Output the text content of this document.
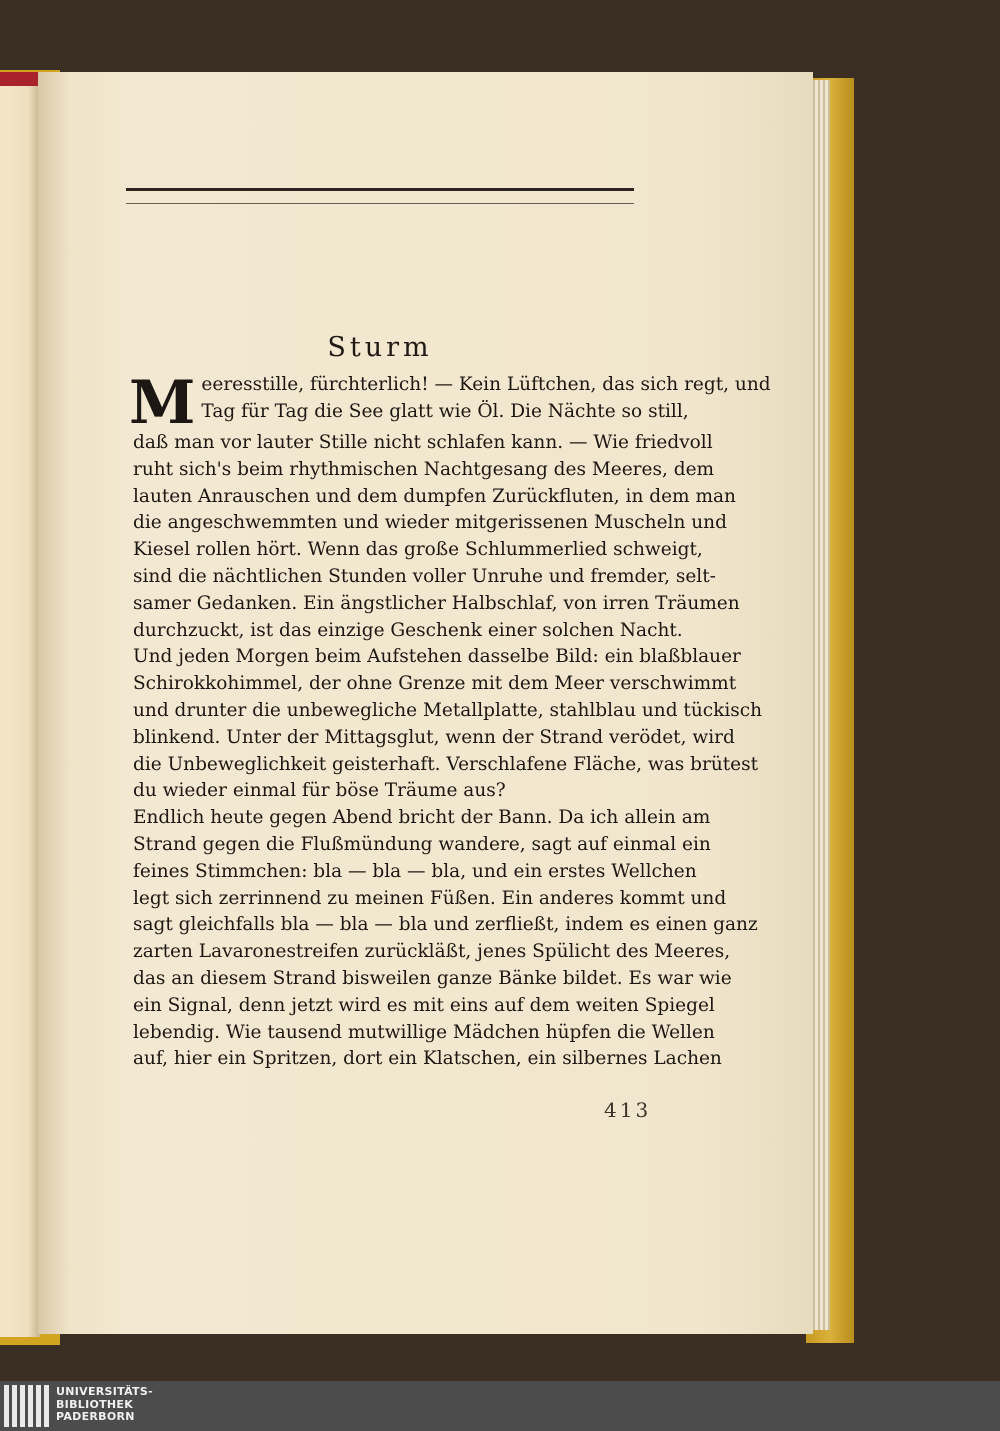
Sturm
M eeresstille, fürchterlich! — Kein Lüftchen, das sich regt, und
Tag für Tag die See glatt wie Öl. Die Nächte so still,
daß man vor lauter Stille nicht schlafen kann. — Wie friedvoll
ruht sich's beim rhythmischen Nachtgesang des Meeres, dem
lauten Anrauschen und dem dumpfen Zurückfluten, in dem man
die angeschwemmten und wieder mitgerissenen Muscheln und
Kiesel rollen hört. Wenn das große Schlummerlied schweigt,
sind die nächtlichen Stunden voller Unruhe und fremder, selt-
samer Gedanken. Ein ängstlicher Halbschlaf, von irren Träumen
durchzuckt, ist das einzige Geschenk einer solchen Nacht.
Und jeden Morgen beim Aufstehen dasselbe Bild: ein blaßblauer
Schirokkohimmel, der ohne Grenze mit dem Meer verschwimmt
und drunter die unbewegliche Metallplatte, stahlblau und tückisch
blinkend. Unter der Mittagsglut, wenn der Strand verödet, wird
die Unbeweglichkeit geisterhaft. Verschlafene Fläche, was brütest
du wieder einmal für böse Träume aus?
Endlich heute gegen Abend bricht der Bann. Da ich allein am
Strand gegen die Flußmündung wandere, sagt auf einmal ein
feines Stimmchen: bla — bla — bla, und ein erstes Wellchen
legt sich zerrinnend zu meinen Füßen. Ein anderes kommt und
sagt gleichfalls bla — bla — bla und zerfließt, indem es einen ganz
zarten Lavaronestreifen zurückläßt, jenes Spülicht des Meeres,
das an diesem Strand bisweilen ganze Bänke bildet. Es war wie
ein Signal, denn jetzt wird es mit eins auf dem weiten Spiegel
lebendig. Wie tausend mutwillige Mädchen hüpfen die Wellen
auf, hier ein Spritzen, dort ein Klatschen, ein silbernes Lachen
413
UNIVERSITÄTS-
BIBLIOTHEK
PADERBORN
